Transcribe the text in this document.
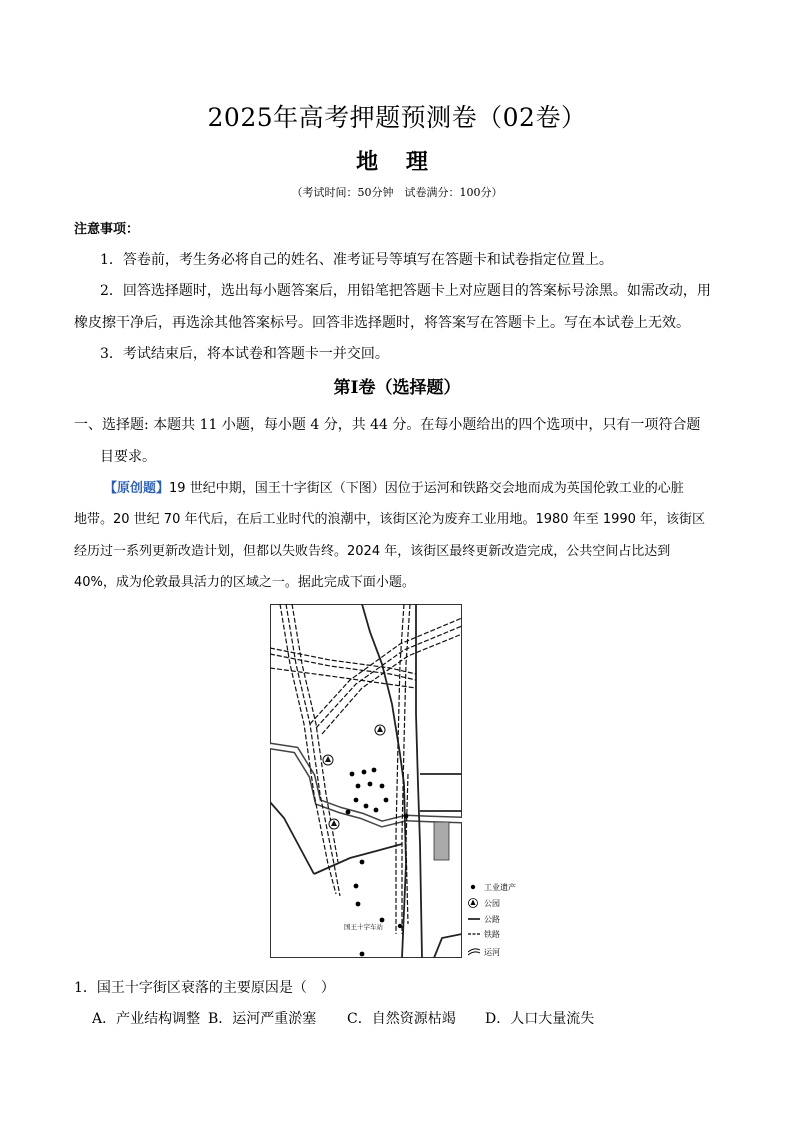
2025年高考押题预测卷（02卷）
地 理
（考试时间：50分钟　试卷满分：100分）
注意事项：
1．答卷前，考生务必将自己的姓名、准考证号等填写在答题卡和试卷指定位置上。
2．回答选择题时，选出每小题答案后，用铅笔把答题卡上对应题目的答案标号涂黑。如需改动，用
橡皮擦干净后，再选涂其他答案标号。回答非选择题时，将答案写在答题卡上。写在本试卷上无效。
3．考试结束后，将本试卷和答题卡一并交回。
第Ⅰ卷（选择题）
一、选择题: 本题共 11 小题，每小题 4 分，共 44 分。在每小题给出的四个选项中，只有一项符合题
目要求。
【原创题】19 世纪中期，国王十字街区（下图）因位于运河和铁路交会地而成为英国伦敦工业的心脏
地带。20 世纪 70 年代后，在后工业时代的浪潮中，该街区沦为废弃工业用地。1980 年至 1990 年，该街区
经历过一系列更新改造计划，但都以失败告终。2024 年，该街区最终更新改造完成，公共空间占比达到
40%，成为伦敦最具活力的区域之一。据此完成下面小题。
国王十字车站
工业遗产
公园
公路
铁路
运河
1．国王十字街区衰落的主要原因是（　）
A．产业结构调整 B．运河严重淤塞 C．自然资源枯竭 D．人口大量流失
